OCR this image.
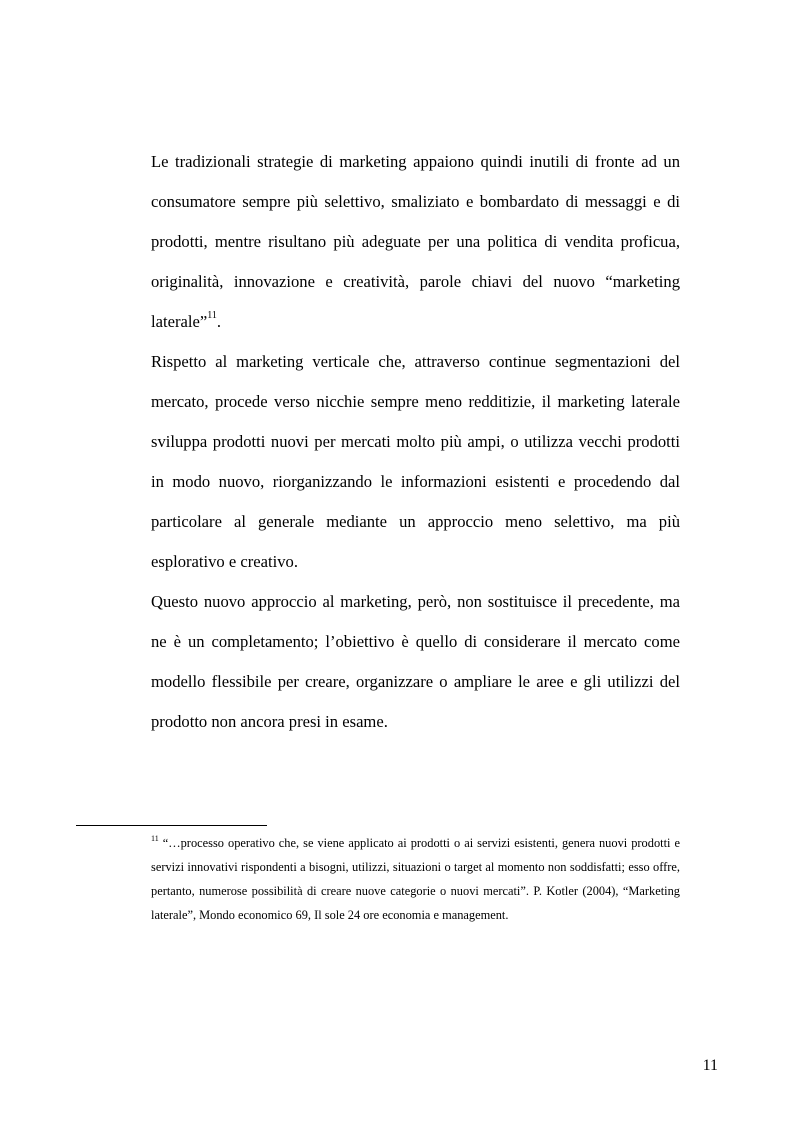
Le tradizionali strategie di marketing appaiono quindi inutili di fronte ad un consumatore sempre più selettivo, smaliziato e bombardato di messaggi e di prodotti, mentre risultano più adeguate per una politica di vendita proficua, originalità, innovazione e creatività, parole chiavi del nuovo “marketing laterale”$^{11}$.

Rispetto al marketing verticale che, attraverso continue segmentazioni del mercato, procede verso nicchie sempre meno redditizie, il marketing laterale sviluppa prodotti nuovi per mercati molto più ampi, o utilizza vecchi prodotti in modo nuovo, riorganizzando le informazioni esistenti e procedendo dal particolare al generale mediante un approccio meno selettivo, ma più esplorativo e creativo.

Questo nuovo approccio al marketing, però, non sostituisce il precedente, ma ne è un completamento; l’obiettivo è quello di considerare il mercato come modello flessibile per creare, organizzare o ampliare le aree e gli utilizzi del prodotto non ancora presi in esame.

$^{11}$ “…processo operativo che, se viene applicato ai prodotti o ai servizi esistenti, genera nuovi prodotti e servizi innovativi rispondenti a bisogni, utilizzi, situazioni o target al momento non soddisfatti; esso offre, pertanto, numerose possibilità di creare nuove categorie o nuovi mercati”. P. Kotler (2004), “Marketing laterale”, Mondo economico 69, Il sole 24 ore economia e management.

11
